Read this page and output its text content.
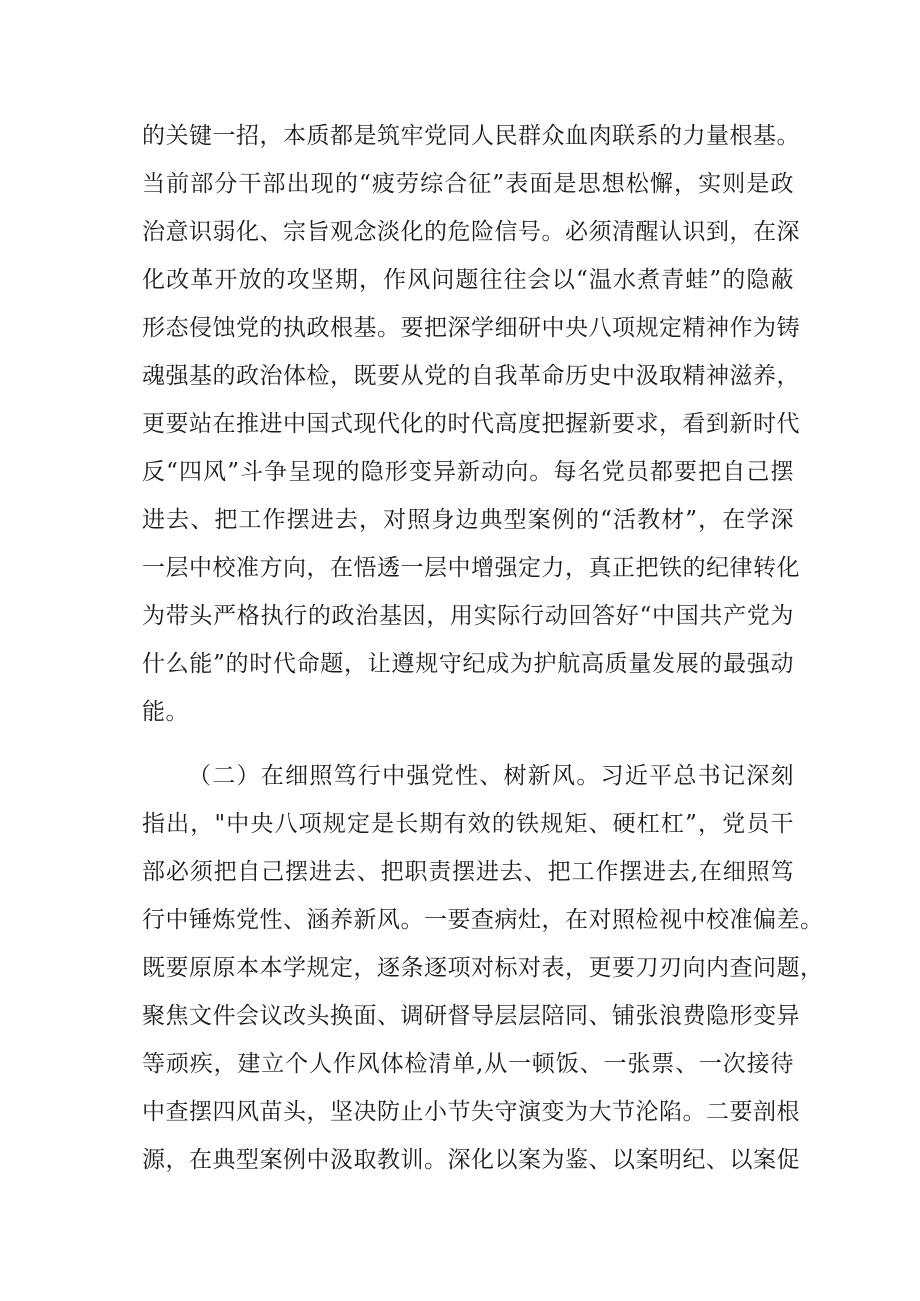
的关键一招，本质都是筑牢党同人民群众血肉联系的力量根基。
当前部分干部出现的“疲劳综合征”表面是思想松懈，实则是政
治意识弱化、宗旨观念淡化的危险信号。必须清醒认识到，在深
化改革开放的攻坚期，作风问题往往会以“温水煮青蛙”的隐蔽
形态侵蚀党的执政根基。要把深学细研中央八项规定精神作为铸
魂强基的政治体检，既要从党的自我革命历史中汲取精神滋养，
更要站在推进中国式现代化的时代高度把握新要求，看到新时代
反“四风”斗争呈现的隐形变异新动向。每名党员都要把自己摆
进去、把工作摆进去，对照身边典型案例的“活教材”，在学深
一层中校准方向，在悟透一层中增强定力，真正把铁的纪律转化
为带头严格执行的政治基因，用实际行动回答好“中国共产党为
什么能”的时代命题，让遵规守纪成为护航高质量发展的最强动
能。
（二）在细照笃行中强党性、树新风。习近平总书记深刻
指出，"中央八项规定是长期有效的铁规矩、硬杠杠”，党员干
部必须把自己摆进去、把职责摆进去、把工作摆进去,在细照笃
行中锤炼党性、涵养新风。一要查病灶，在对照检视中校准偏差。
既要原原本本学规定，逐条逐项对标对表，更要刀刃向内查问题，
聚焦文件会议改头换面、调研督导层层陪同、铺张浪费隐形变异
等顽疾，建立个人作风体检清单,从一顿饭、一张票、一次接待
中查摆四风苗头，坚决防止小节失守演变为大节沦陷。二要剖根
源，在典型案例中汲取教训。深化以案为鉴、以案明纪、以案促
